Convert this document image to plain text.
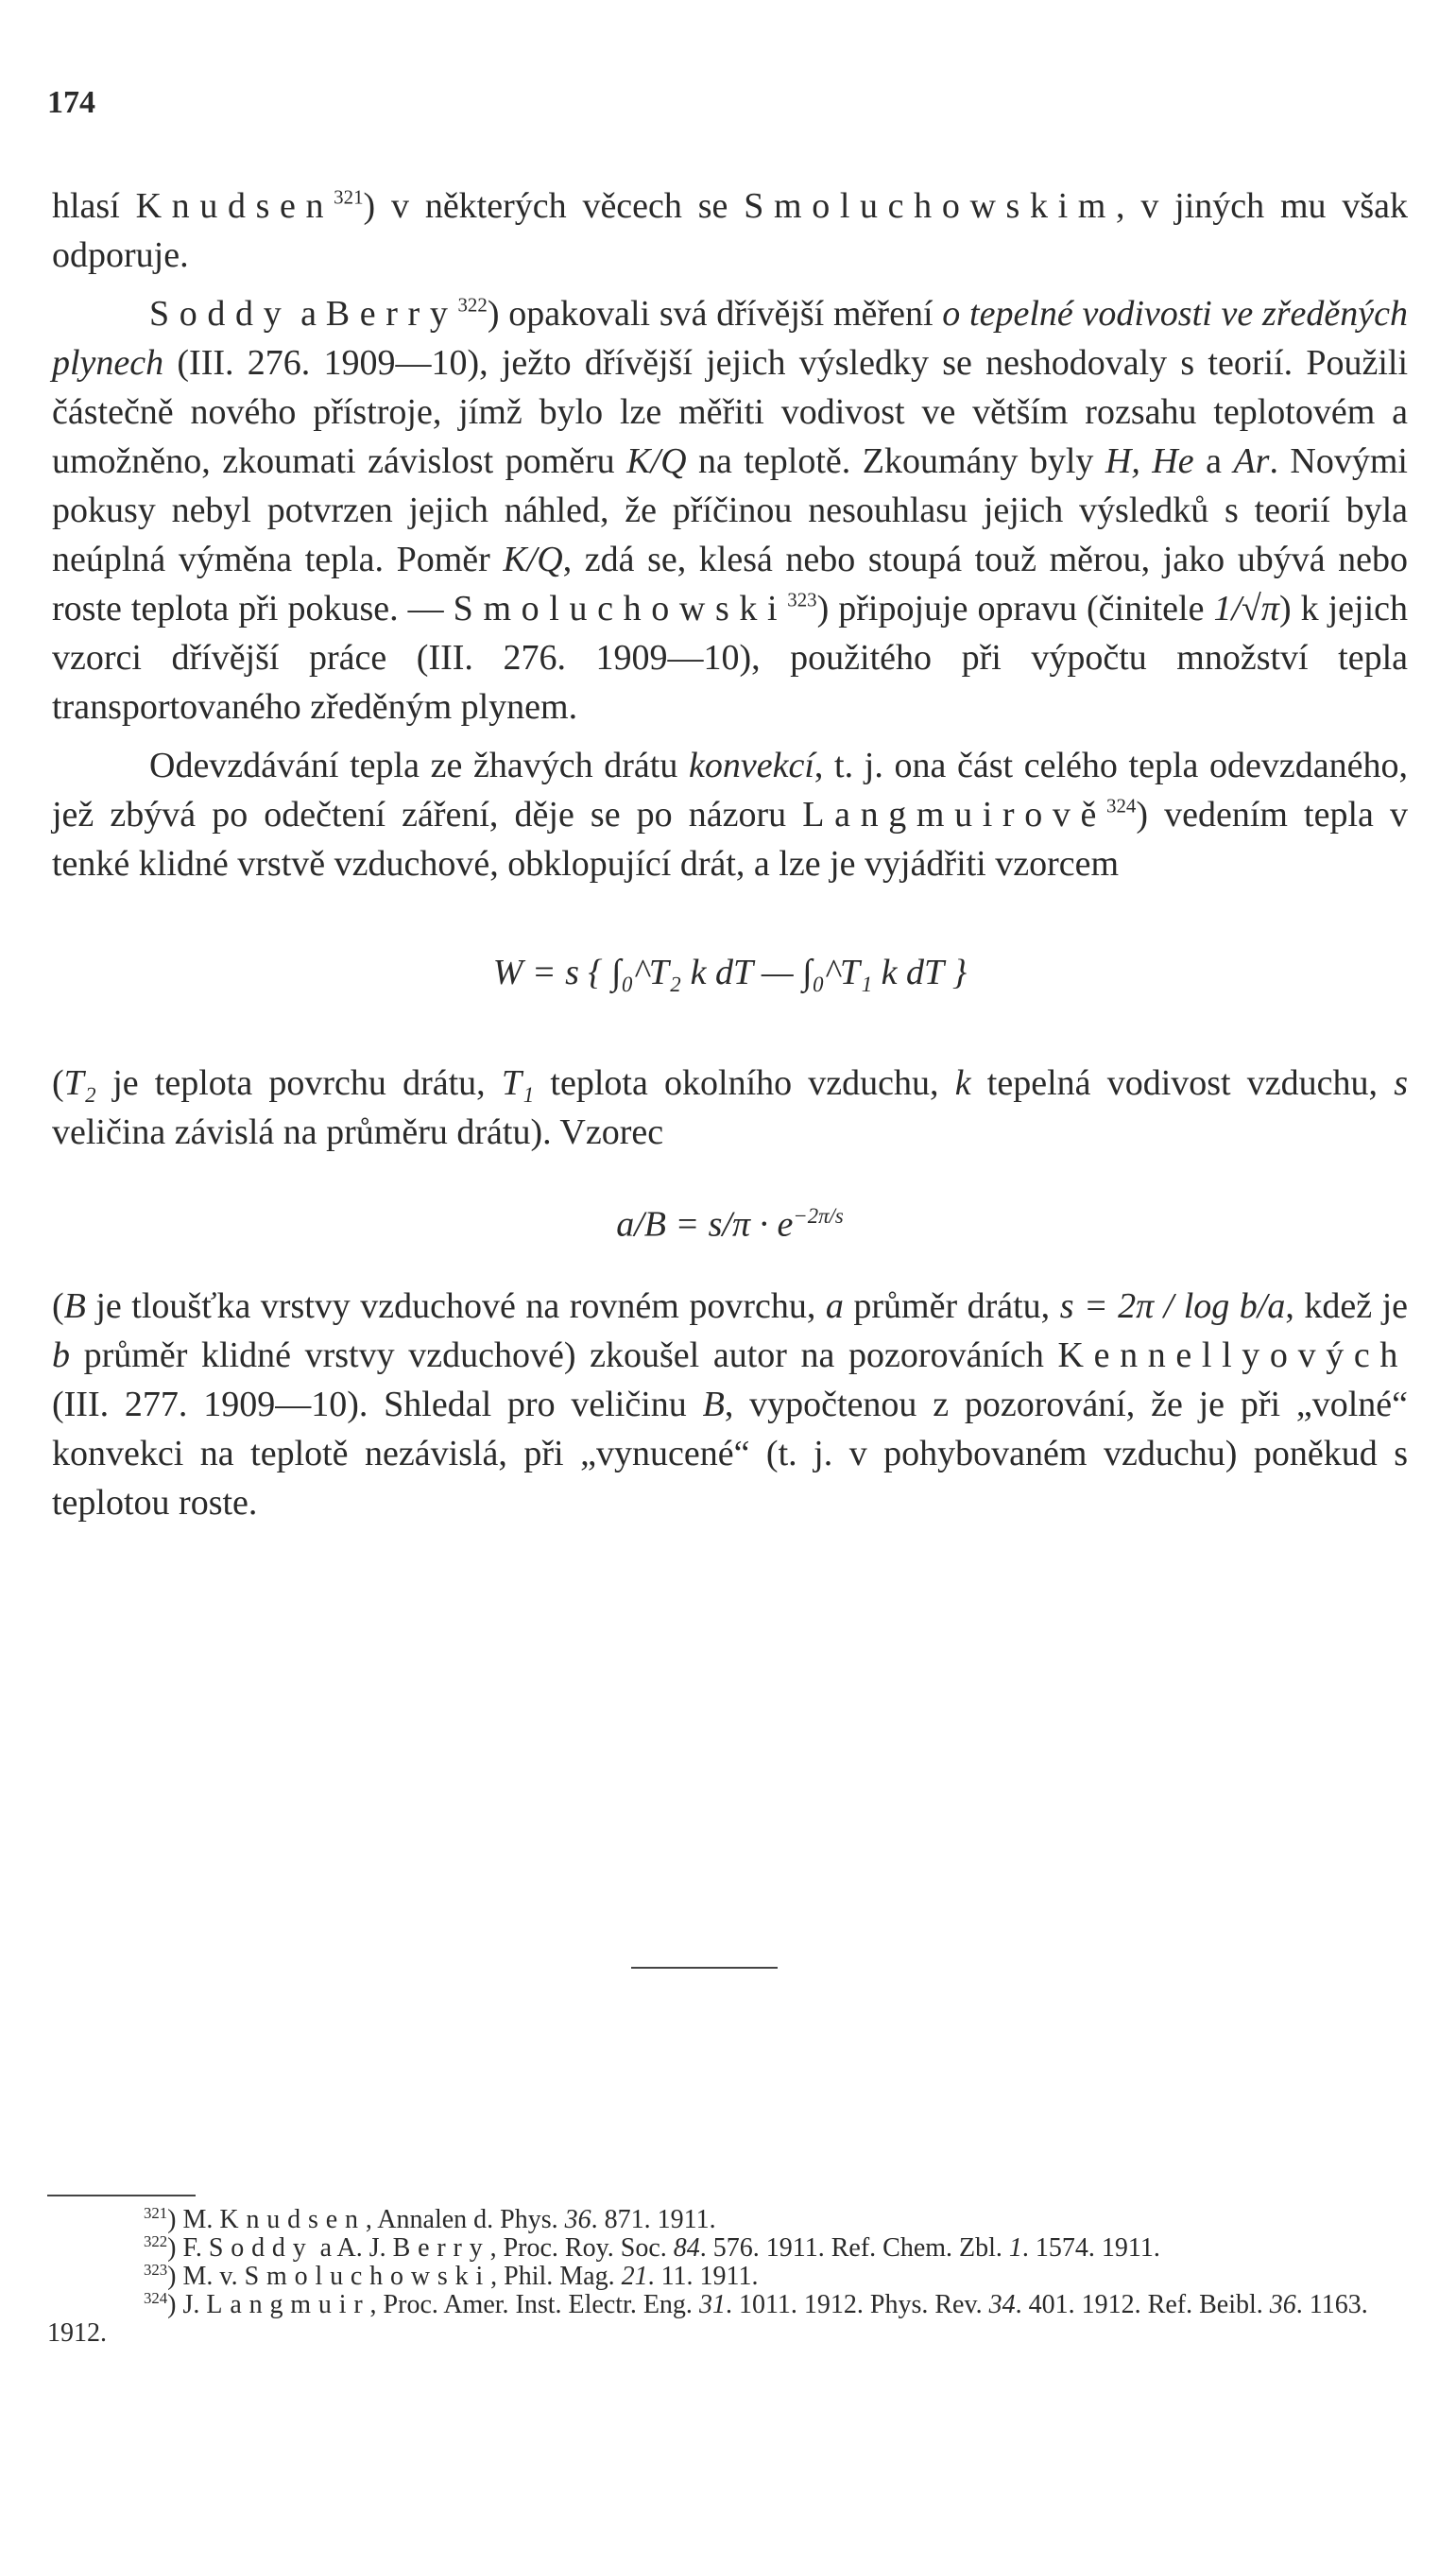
174

hlasí Knudsen$^{321}$) v některých věcech se Smoluchowskim, v jiných mu však odporuje.

Soddy a Berry$^{322}$) opakovali svá dřívější měření o tepelné vodivosti ve zředěných plynech (III. 276. 1909—10), ježto dřívější jejich výsledky se neshodovaly s teorií. Použili částečně nového přístroje, jímž bylo lze měřiti vodivost ve větším rozsahu teplotovém a umožněno, zkoumati závislost poměru K/Q na teplotě. Zkoumány byly H, He a Ar. Novými pokusy nebyl potvrzen jejich náhled, že příčinou nesouhlasu jejich výsledků s teorií byla neúplná výměna tepla. Poměr K/Q, zdá se, klesá nebo stoupá touž měrou, jako ubývá nebo roste teplota při pokuse. — Smoluchowski$^{323}$) připojuje opravu (činitele 1/√π) k jejich vzorci dřívější práce (III. 276. 1909—10), použitého při výpočtu množství tepla transportovaného zředěným plynem.

Odevzdávání tepla ze žhavých drátu konvekcí, t. j. ona část celého tepla odevzdaného, jež zbývá po odečtení záření, děje se po názoru Langmuirově$^{324}$) vedením tepla v tenké klidné vrstvě vzduchové, obklopující drát, a lze je vyjádřiti vzorcem

W = s { ∫₀^T₂ k dT — ∫₀^T₁ k dT }

(T₂ je teplota povrchu drátu, T₁ teplota okolního vzduchu, k tepelná vodivost vzduchu, s veličina závislá na průměru drátu). Vzorec

$a/B = s/\pi \cdot e^{-2\pi/s}$

(B je tloušťka vrstvy vzduchové na rovném povrchu, a průměr drátu, s = 2π / log b/a, kdež je b průměr klidné vrstvy vzduchové) zkoušel autor na pozorováních Kennellyových (III. 277. 1909—10). Shledal pro veličinu B, vypočtenou z pozorování, že je při „volné“ konvekci na teplotě nezávislá, při „vynucené“ (t. j. v pohybovaném vzduchu) poněkud s teplotou roste.

$^{321}$) M. Knudsen, Annalen d. Phys. 36. 871. 1911.

$^{322}$) F. Soddy a A. J. Berry, Proc. Roy. Soc. 84. 576. 1911. Ref. Chem. Zbl. 1. 1574. 1911.

$^{323}$) M. v. Smoluchowski, Phil. Mag. 21. 11. 1911.

$^{324}$) J. Langmuir, Proc. Amer. Inst. Electr. Eng. 31. 1011. 1912. Phys. Rev. 34. 401. 1912. Ref. Beibl. 36. 1163. 1912.
